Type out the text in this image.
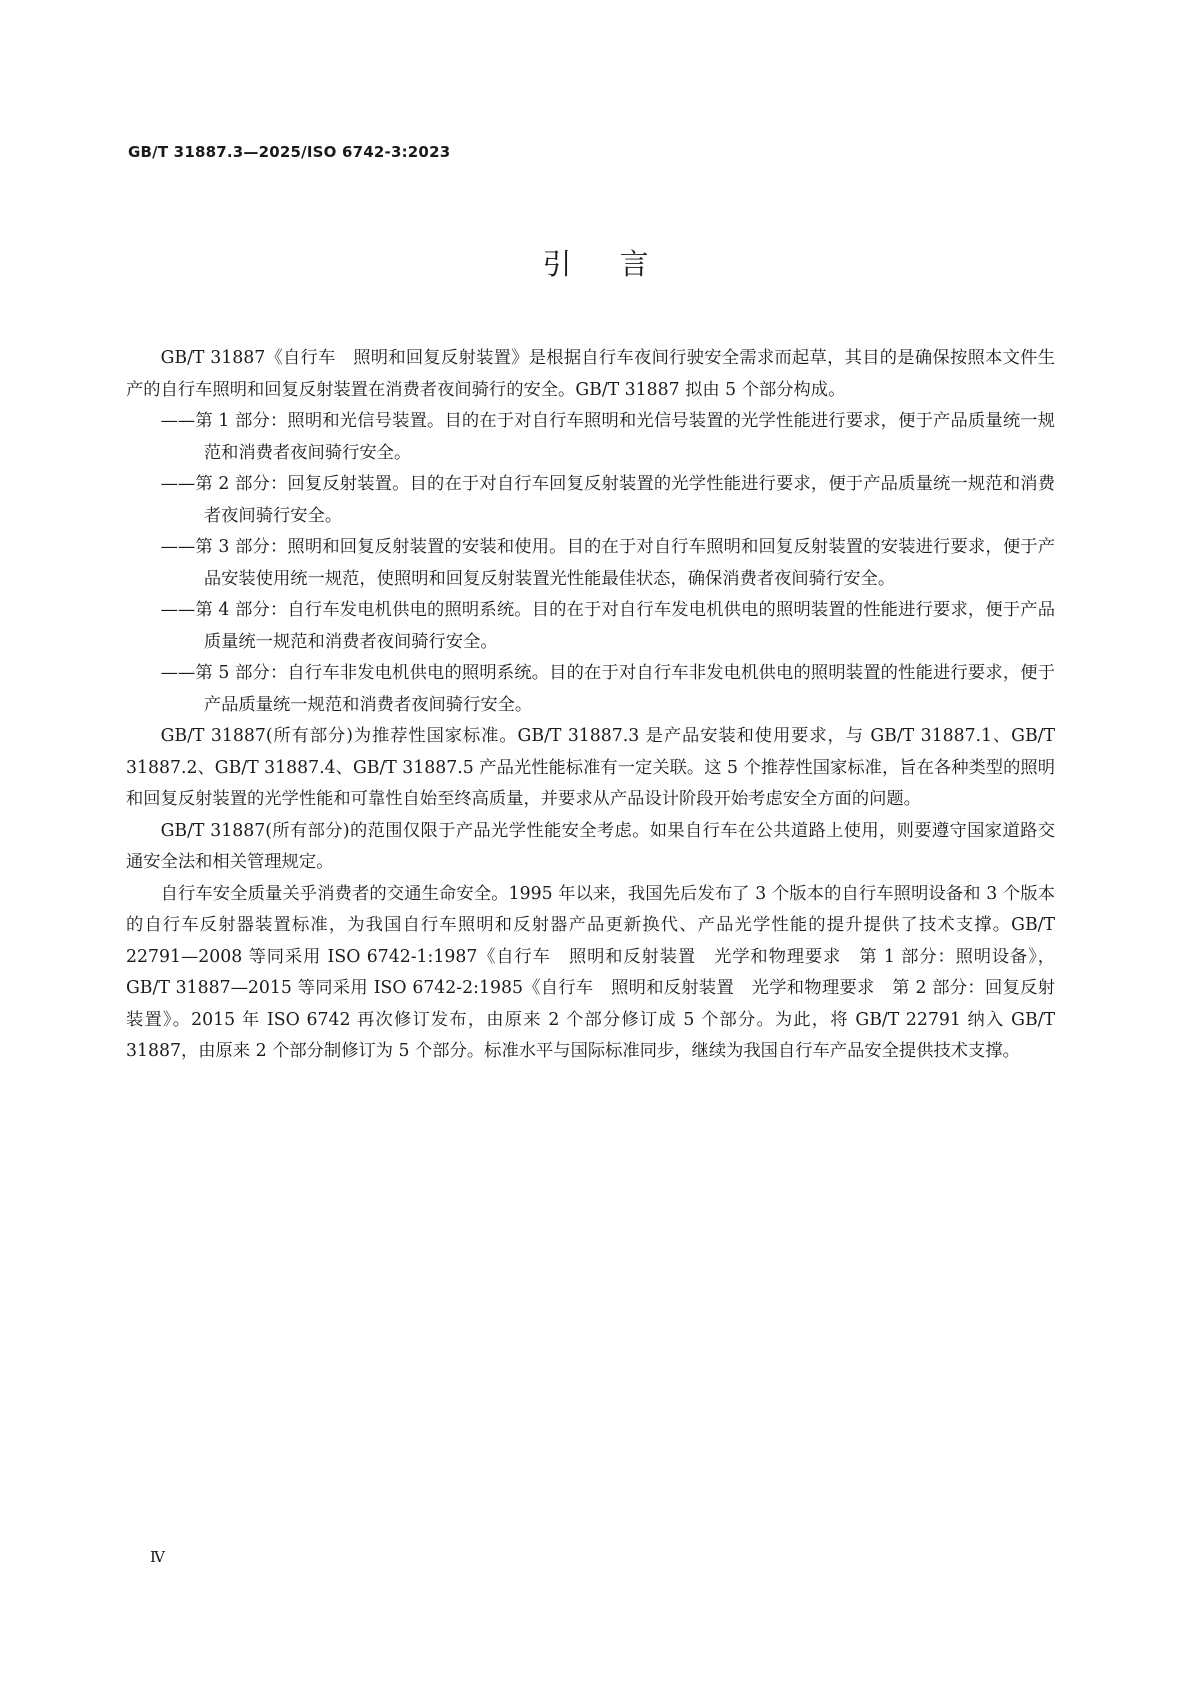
GB/T 31887.3—2025/ISO 6742-3:2023
引言

GB/T 31887《自行车　照明和回复反射装置》是根据自行车夜间行驶安全需求而起草，其目的是确保按照本文件生产的自行车照明和回复反射装置在消费者夜间骑行的安全。GB/T 31887 拟由 5 个部分构成。

——第 1 部分：照明和光信号装置。目的在于对自行车照明和光信号装置的光学性能进行要求，便于产品质量统一规范和消费者夜间骑行安全。

——第 2 部分：回复反射装置。目的在于对自行车回复反射装置的光学性能进行要求，便于产品质量统一规范和消费者夜间骑行安全。

——第 3 部分：照明和回复反射装置的安装和使用。目的在于对自行车照明和回复反射装置的安装进行要求，便于产品安装使用统一规范，使照明和回复反射装置光性能最佳状态，确保消费者夜间骑行安全。

——第 4 部分：自行车发电机供电的照明系统。目的在于对自行车发电机供电的照明装置的性能进行要求，便于产品质量统一规范和消费者夜间骑行安全。

——第 5 部分：自行车非发电机供电的照明系统。目的在于对自行车非发电机供电的照明装置的性能进行要求，便于产品质量统一规范和消费者夜间骑行安全。

GB/T 31887(所有部分)为推荐性国家标准。GB/T 31887.3 是产品安装和使用要求，与 GB/T 31887.1、GB/T 31887.2、GB/T 31887.4、GB/T 31887.5 产品光性能标准有一定关联。这 5 个推荐性国家标准，旨在各种类型的照明和回复反射装置的光学性能和可靠性自始至终高质量，并要求从产品设计阶段开始考虑安全方面的问题。

GB/T 31887(所有部分)的范围仅限于产品光学性能安全考虑。如果自行车在公共道路上使用，则要遵守国家道路交通安全法和相关管理规定。

自行车安全质量关乎消费者的交通生命安全。1995 年以来，我国先后发布了 3 个版本的自行车照明设备和 3 个版本的自行车反射器装置标准，为我国自行车照明和反射器产品更新换代、产品光学性能的提升提供了技术支撑。GB/T 22791—2008 等同采用 ISO 6742-1:1987《自行车　照明和反射装置　光学和物理要求　第 1 部分：照明设备》，GB/T 31887—2015 等同采用 ISO 6742-2:1985《自行车　照明和反射装置　光学和物理要求　第 2 部分：回复反射装置》。2015 年 ISO 6742 再次修订发布，由原来 2 个部分修订成 5 个部分。为此，将 GB/T 22791 纳入 GB/T 31887，由原来 2 个部分制修订为 5 个部分。标准水平与国际标准同步，继续为我国自行车产品安全提供技术支撑。

Ⅳ
